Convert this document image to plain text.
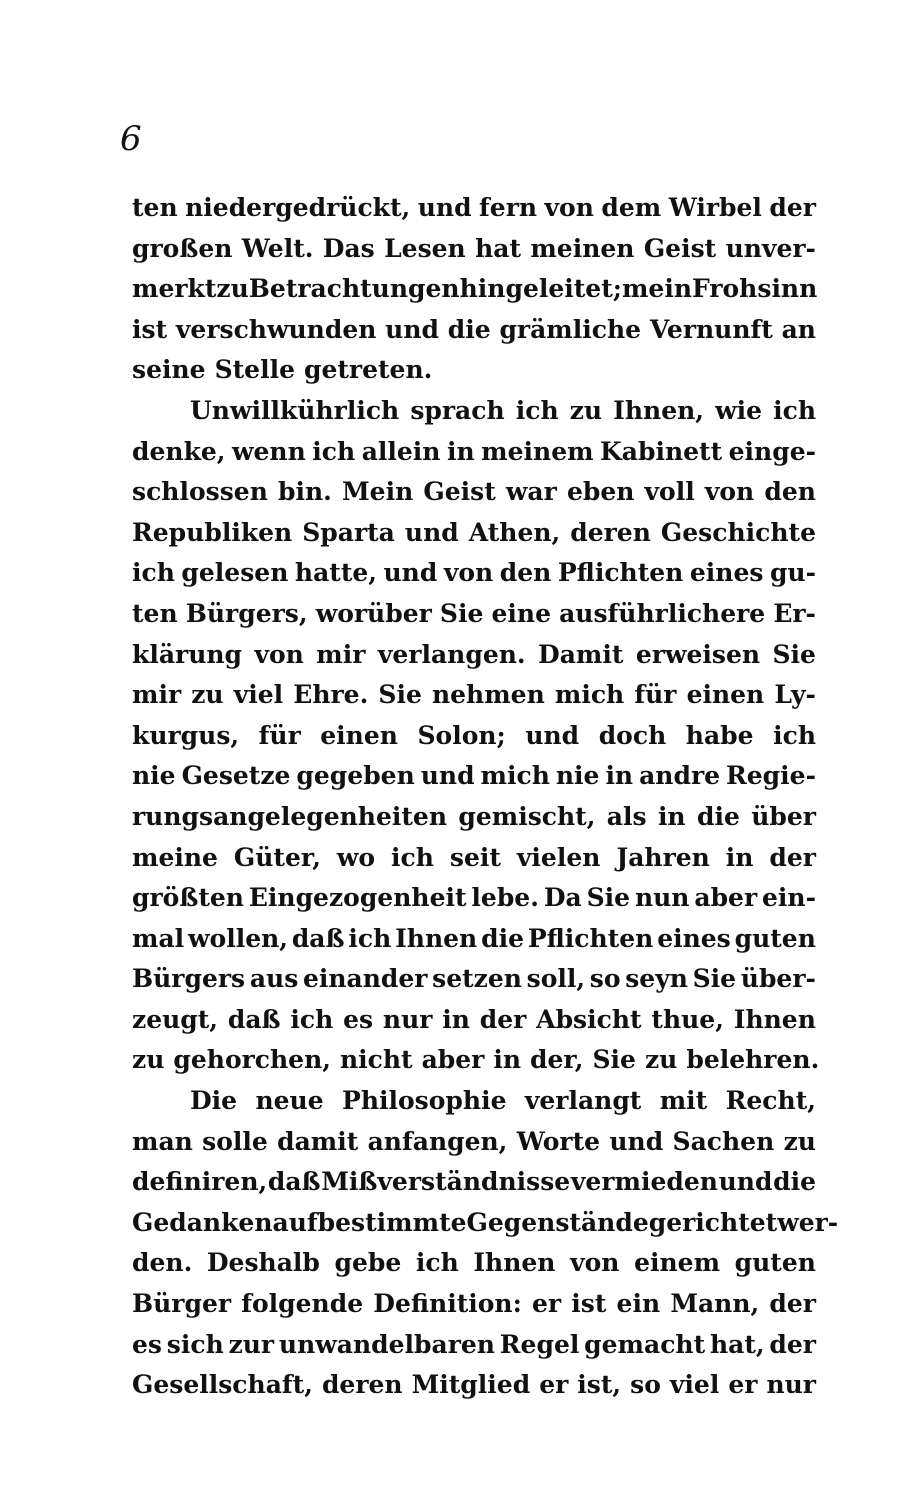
6
ten niedergedrückt, und fern von dem Wirbel der
großen Welt. Das Lesen hat meinen Geist unver-
merkt zu Betrachtungen hingeleitet; mein Frohsinn
ist verschwunden und die grämliche Vernunft an
seine Stelle getreten.
Unwillkührlich sprach ich zu Ihnen, wie ich
denke, wenn ich allein in meinem Kabinett einge-
schlossen bin. Mein Geist war eben voll von den
Republiken Sparta und Athen, deren Geschichte
ich gelesen hatte, und von den Pflichten eines gu-
ten Bürgers, worüber Sie eine ausführlichere Er-
klärung von mir verlangen. Damit erweisen Sie
mir zu viel Ehre. Sie nehmen mich für einen Ly-
kurgus, für einen Solon; und doch habe ich
nie Gesetze gegeben und mich nie in andre Regie-
rungsangelegenheiten gemischt, als in die über
meine Güter, wo ich seit vielen Jahren in der
größten Eingezogenheit lebe. Da Sie nun aber ein-
mal wollen, daß ich Ihnen die Pflichten eines guten
Bürgers aus einander setzen soll, so seyn Sie über-
zeugt, daß ich es nur in der Absicht thue, Ihnen
zu gehorchen, nicht aber in der, Sie zu belehren.
Die neue Philosophie verlangt mit Recht,
man solle damit anfangen, Worte und Sachen zu
definiren, daß Mißverständnisse vermieden und die
Gedanken auf bestimmte Gegenstände gerichtet wer-
den. Deshalb gebe ich Ihnen von einem guten
Bürger folgende Definition: er ist ein Mann, der
es sich zur unwandelbaren Regel gemacht hat, der
Gesellschaft, deren Mitglied er ist, so viel er nur
